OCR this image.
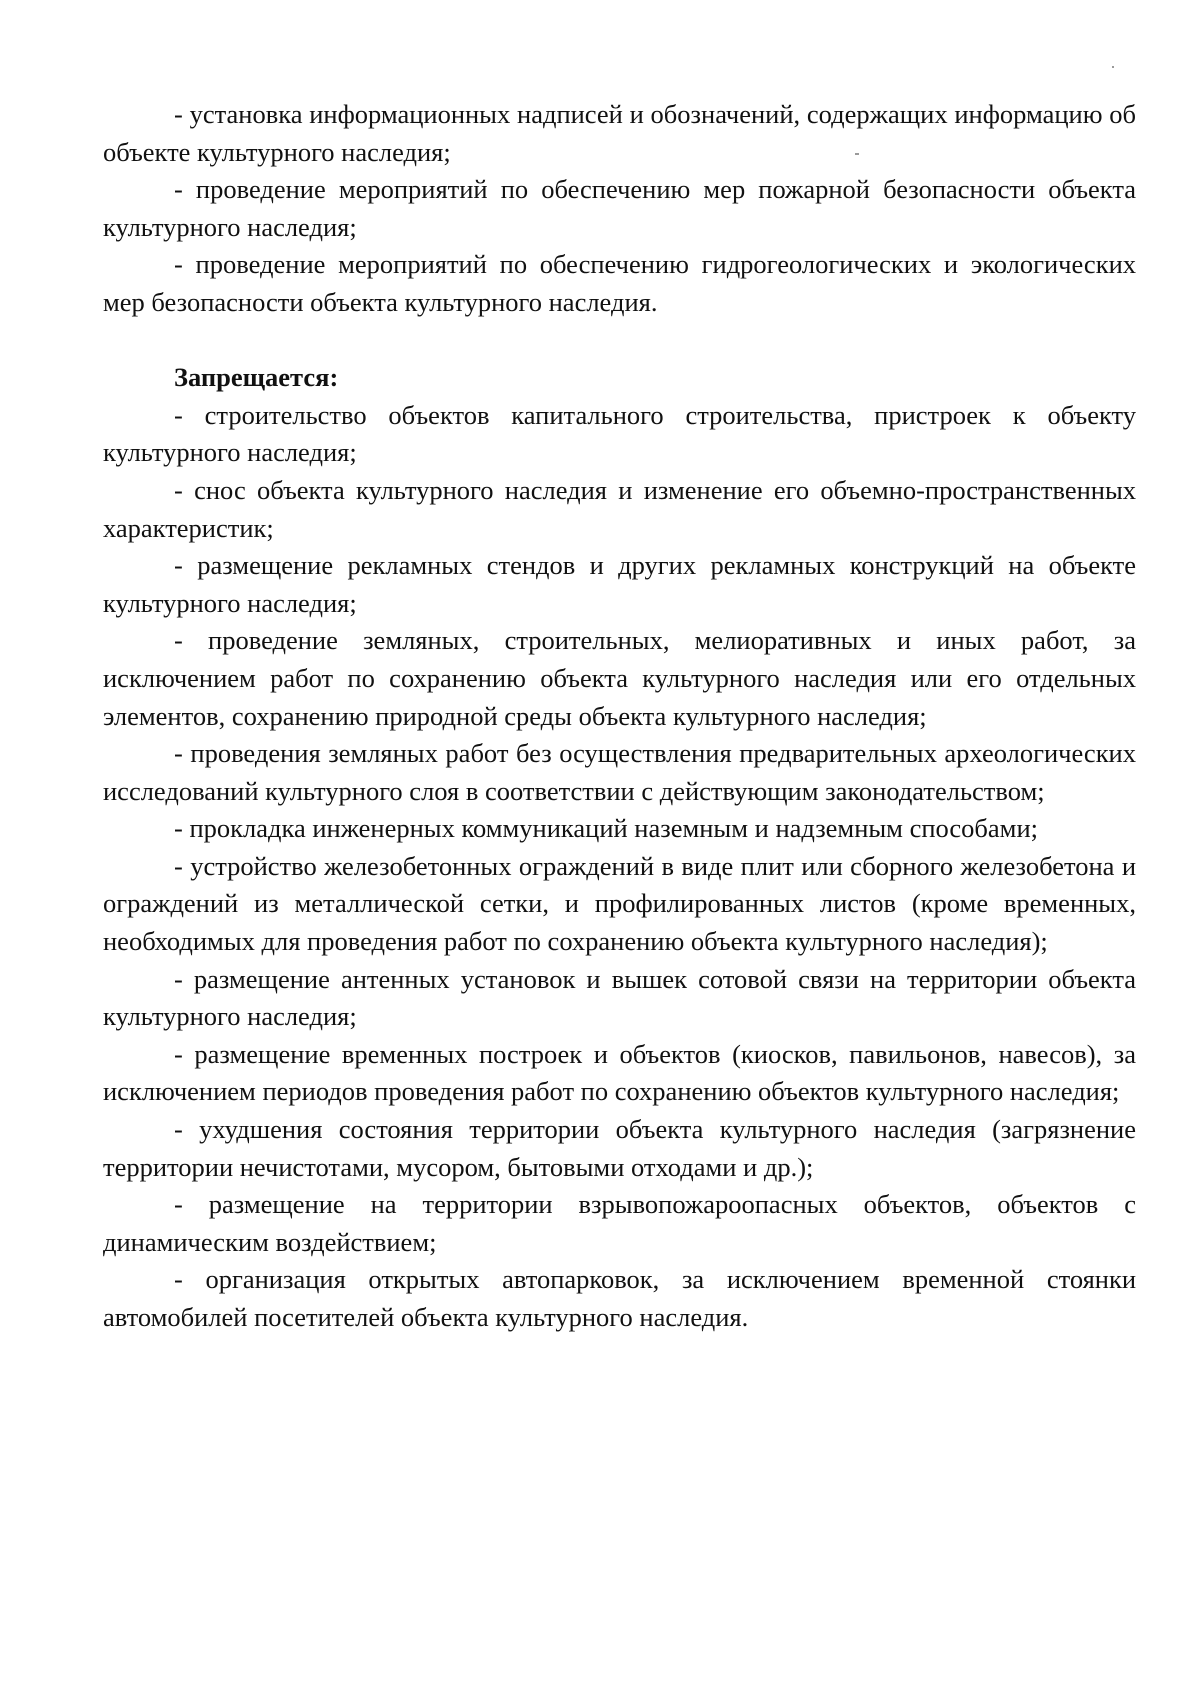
- установка информационных надписей и обозначений, содержащих информацию об объекте культурного наследия;

- проведение мероприятий по обеспечению мер пожарной безопасности объекта культурного наследия;

- проведение мероприятий по обеспечению гидрогеологических и экологических мер безопасности объекта культурного наследия.

Запрещается:

- строительство объектов капитального строительства, пристроек к объекту культурного наследия;

- снос объекта культурного наследия и изменение его объемно-пространственных характеристик;

- размещение рекламных стендов и других рекламных конструкций на объекте культурного наследия;

- проведение земляных, строительных, мелиоративных и иных работ, за исключением работ по сохранению объекта культурного наследия или его отдельных элементов, сохранению природной среды объекта культурного наследия;

- проведения земляных работ без осуществления предварительных археологических исследований культурного слоя в соответствии с действующим законодательством;

- прокладка инженерных коммуникаций наземным и надземным способами;

- устройство железобетонных ограждений в виде плит или сборного железобетона и ограждений из металлической сетки, и профилированных листов (кроме временных, необходимых для проведения работ по сохранению объекта культурного наследия);

- размещение антенных установок и вышек сотовой связи на территории объекта культурного наследия;

- размещение временных построек и объектов (киосков, павильонов, навесов), за исключением периодов проведения работ по сохранению объектов культурного наследия;

- ухудшения состояния территории объекта культурного наследия (загрязнение территории нечистотами, мусором, бытовыми отходами и др.);

- размещение на территории взрывопожароопасных объектов, объектов с динамическим воздействием;

- организация открытых автопарковок, за исключением временной стоянки автомобилей посетителей объекта культурного наследия.
